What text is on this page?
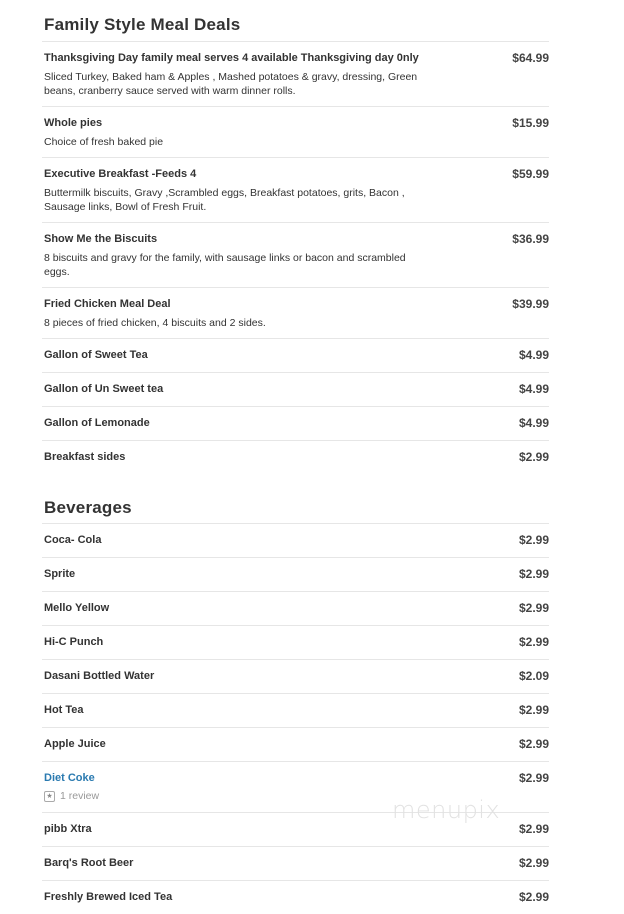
Family Style Meal Deals
Thanksgiving Day family meal serves 4 available Thanksgiving day 0nly	$64.99
Sliced Turkey, Baked ham & Apples , Mashed potatoes & gravy, dressing, Green beans, cranberry sauce served with warm dinner rolls.
Whole pies	$15.99
Choice of fresh baked pie
Executive Breakfast -Feeds 4	$59.99
Buttermilk biscuits, Gravy ,Scrambled eggs, Breakfast potatoes, grits, Bacon , Sausage links, Bowl of Fresh Fruit.
Show Me the Biscuits	$36.99
8 biscuits and gravy for the family, with sausage links or bacon and scrambled eggs.
Fried Chicken Meal Deal	$39.99
8 pieces of fried chicken, 4 biscuits and 2 sides.
Gallon of Sweet Tea	$4.99
Gallon of Un Sweet tea	$4.99
Gallon of Lemonade	$4.99
Breakfast sides	$2.99
Beverages
Coca- Cola	$2.99
Sprite	$2.99
Mello Yellow	$2.99
Hi-C Punch	$2.99
Dasani Bottled Water	$2.09
Hot Tea	$2.99
Apple Juice	$2.99
Diet Coke	$2.99
★ 1 review
pibb Xtra	$2.99
Barq's Root Beer	$2.99
Freshly Brewed Iced Tea	$2.99
menupix
